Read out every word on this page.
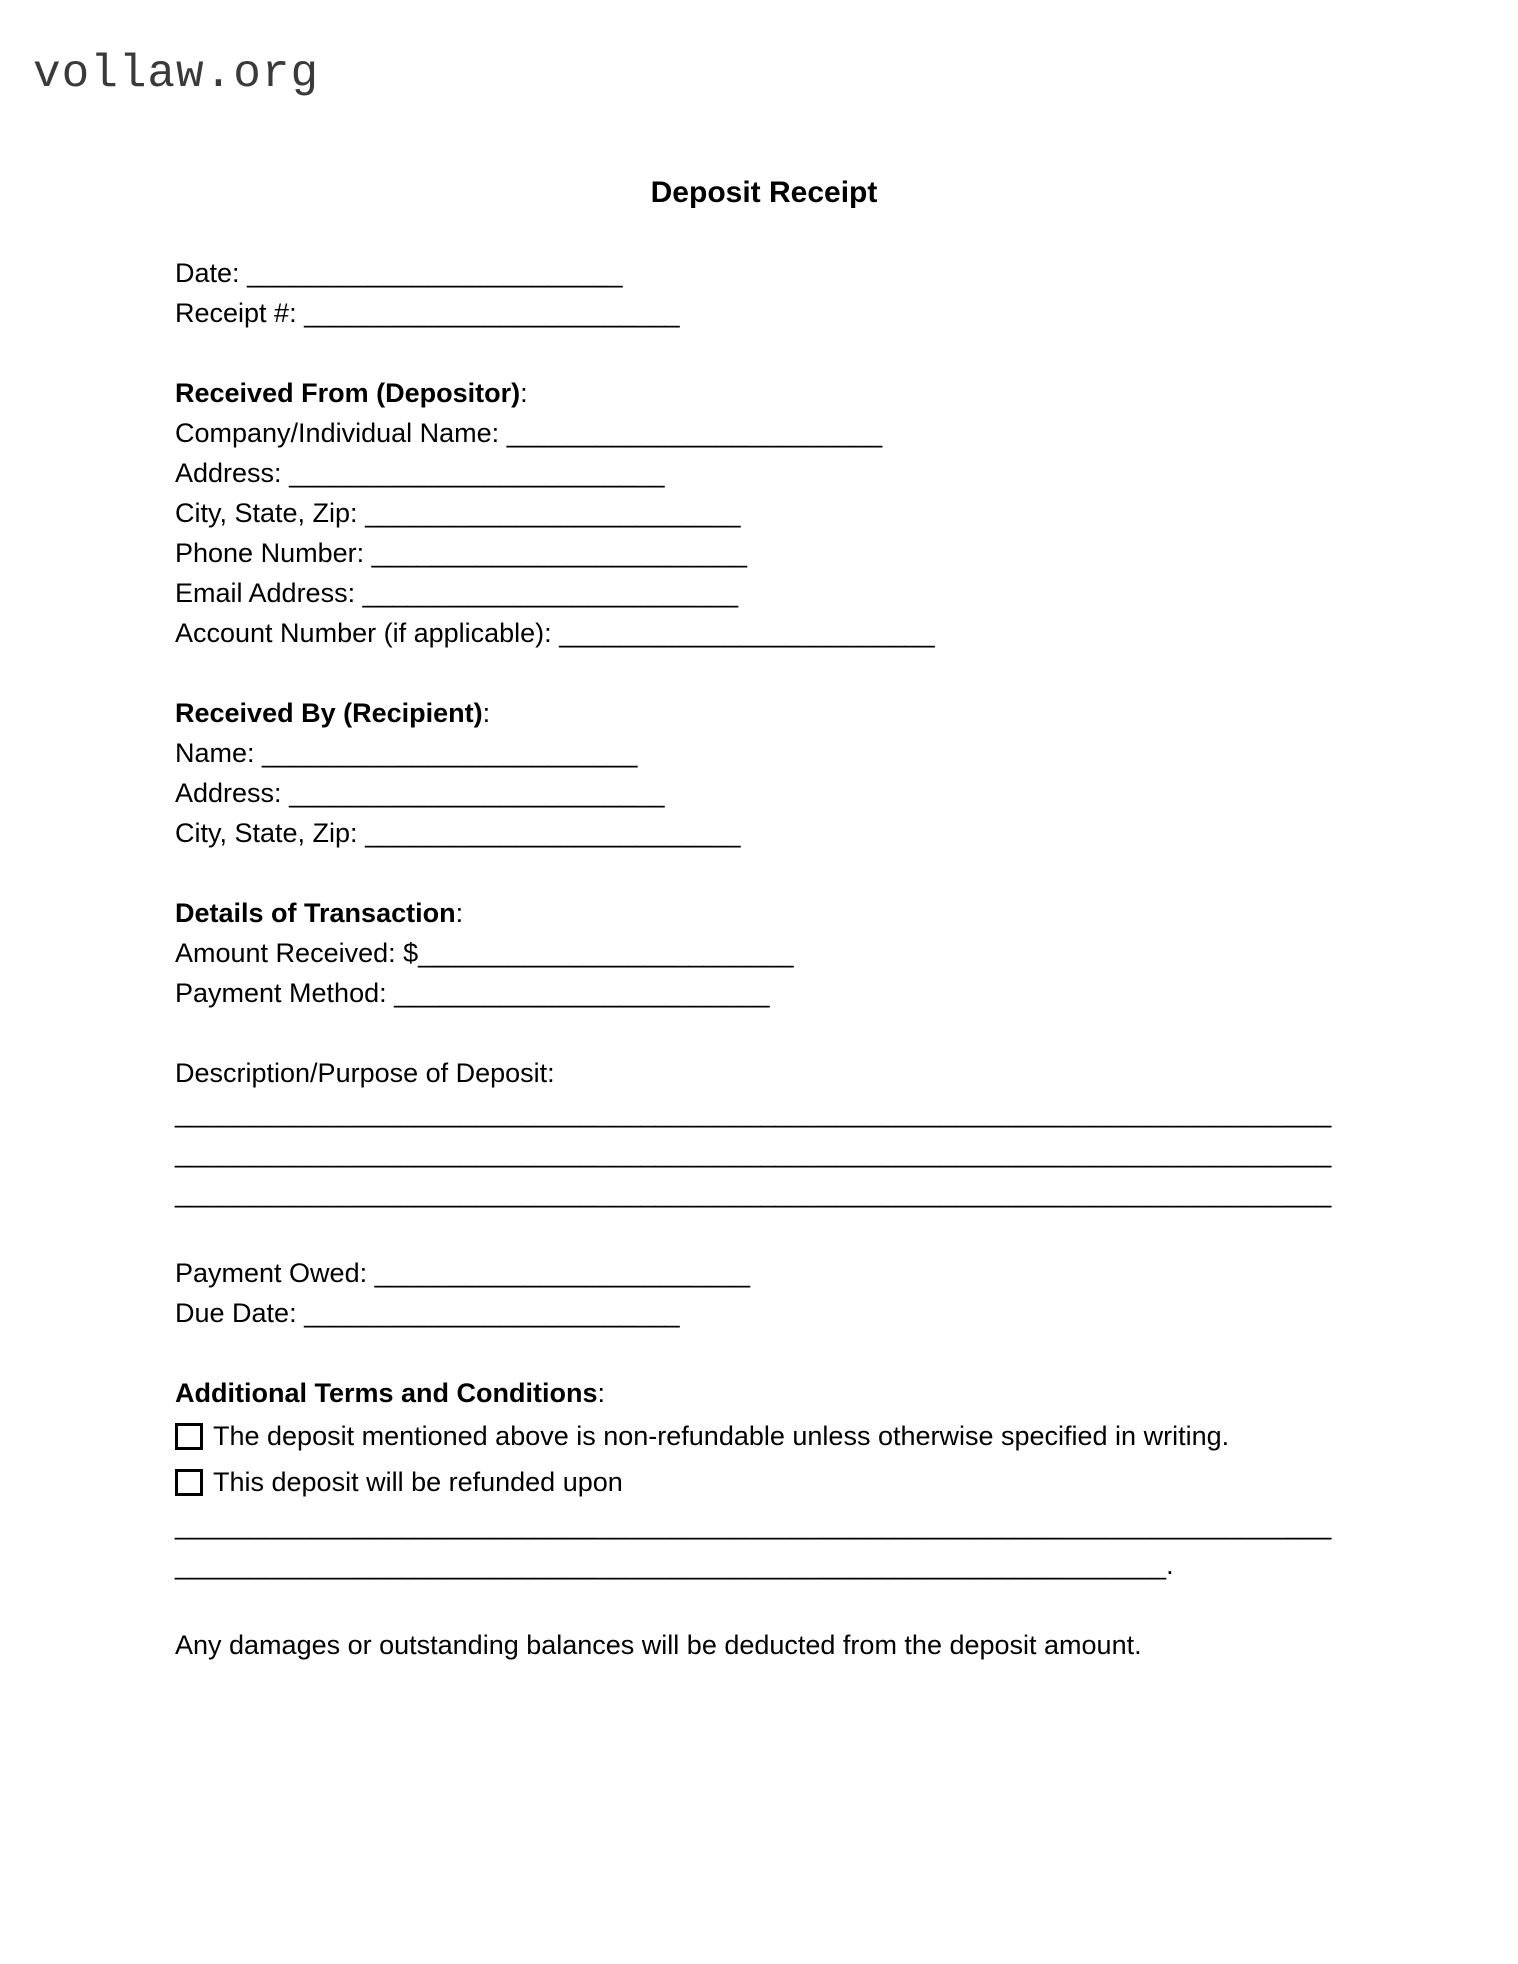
vollaw.org
Deposit Receipt
Date: _________________________
Receipt #: _________________________
Received From (Depositor):
Company/Individual Name: _________________________
Address: _________________________
City, State, Zip: _________________________
Phone Number: _________________________
Email Address: _________________________
Account Number (if applicable): _________________________
Received By (Recipient):
Name: _________________________
Address: _________________________
City, State, Zip: _________________________
Details of Transaction:
Amount Received: $_________________________
Payment Method: _________________________
Description/Purpose of Deposit:
_____________________________________________________________________________
_____________________________________________________________________________
_____________________________________________________________________________
Payment Owed: _________________________
Due Date: _________________________
Additional Terms and Conditions:
The deposit mentioned above is non-refundable unless otherwise specified in writing.
This deposit will be refunded upon
_____________________________________________________________________________
__________________________________________________________________.
Any damages or outstanding balances will be deducted from the deposit amount.
